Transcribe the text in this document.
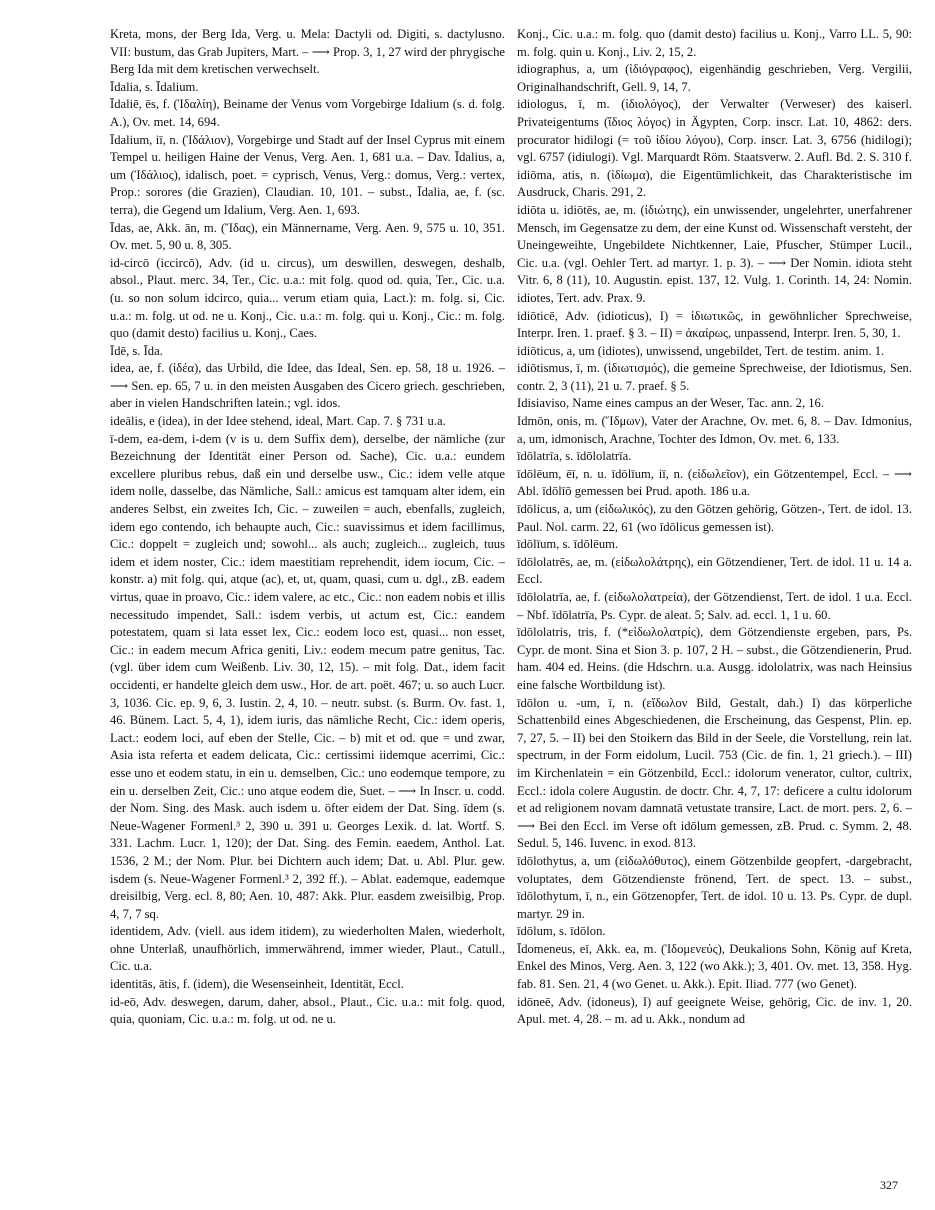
Kreta, mons, der Berg Ida, Verg. u. Mela: Dactyli od. Digiti, s. dactylusno. VII: bustum, das Grab Jupiters, Mart. – ⟶ Prop. 3, 1, 27 wird der phrygische Berg Ida mit dem kretischen verwechselt.

Īdalia, s. Īdalium.

Īdaliē, ēs, f. (Ἰδαλίη), Beiname der Venus vom Vorgebirge Idalium (s. d. folg. A.), Ov. met. 14, 694.

Īdalium, iī, n. (Ἰδάλιον), Vorgebirge und Stadt auf der Insel Cyprus mit einem Tempel u. heiligen Haine der Venus, Verg. Aen. 1, 681 u.a. – Dav. Īdalius, a, um (Ἰδάλιος), idalisch, poet. = cyprisch, Venus, Verg.: domus, Verg.: vertex, Prop.: sorores (die Grazien), Claudian. 10, 101. – subst., Īdalia, ae, f. (sc. terra), die Gegend um Idalium, Verg. Aen. 1, 693.

Īdas, ae, Akk. ān, m. (Ἴδας), ein Männername, Verg. Aen. 9, 575 u. 10, 351. Ov. met. 5, 90 u. 8, 305.

id-circō (iccircō), Adv. (id u. circus), um deswillen, deswegen, deshalb, absol., Plaut. merc. 34, Ter., Cic. u.a.: mit folg. quod od. quia, Ter., Cic. u.a. (u. so non solum idcirco, quia... verum etiam quia, Lact.): m. folg. si, Cic. u.a.: m. folg. ut od. ne u. Konj., Cic. u.a.: m. folg. qui u. Konj., Cic.: m. folg. quo (damit desto) facilius u. Konj., Caes.

Īdē, s. Īda.

idea, ae, f. (ἰδέα), das Urbild, die Idee, das Ideal, Sen. ep. 58, 18 u. 1926. – ⟶ Sen. ep. 65, 7 u. in den meisten Ausgaben des Cicero griech. geschrieben, aber in vielen Handschriften latein.; vgl. idos.

ideālis, e (idea), in der Idee stehend, ideal, Mart. Cap. 7. § 731 u.a.

ī-dem, ea-dem, i-dem (v is u. dem Suffix dem), derselbe, der nämliche (zur Bezeichnung der Identität einer Person od. Sache), Cic. u.a.: eundem excellere pluribus rebus, daß ein und derselbe usw., Cic.: idem velle atque idem nolle, dasselbe, das Nämliche, Sall.: amicus est tamquam alter idem, ein anderes Selbst, ein zweites Ich, Cic. – zuweilen = auch, ebenfalls, zugleich, idem ego contendo, ich behaupte auch, Cic.: suavissimus et idem facillimus, Cic.: doppelt = zugleich und; sowohl... als auch; zugleich... zugleich, tuus idem et idem noster, Cic.: idem maestitiam reprehendit, idem iocum, Cic. – konstr. a) mit folg. qui, atque (ac), et, ut, quam, quasi, cum u. dgl., zB. eadem virtus, quae in proavo, Cic.: idem valere, ac etc., Cic.: non eadem nobis et illis necessitudo impendet, Sall.: isdem verbis, ut actum est, Cic.: eandem potestatem, quam si lata esset lex, Cic.: eodem loco est, quasi... non esset, Cic.: in eadem mecum Africa geniti, Liv.: eodem mecum patre genitus, Tac. (vgl. über idem cum Weißenb. Liv. 30, 12, 15). – mit folg. Dat., idem facit occidenti, er handelte gleich dem usw., Hor. de art. poët. 467; u. so auch Lucr. 3, 1036. Cic. ep. 9, 6, 3. Iustin. 2, 4, 10. – neutr. subst. (s. Burm. Ov. fast. 1, 46. Bünem. Lact. 5, 4, 1), idem iuris, das nämliche Recht, Cic.: idem operis, Lact.: eodem loci, auf eben der Stelle, Cic. – b) mit et od. que = und zwar, Asia ista referta et eadem delicata, Cic.: certissimi iidemque acerrimi, Cic.: esse uno et eodem statu, in ein u. demselben, Cic.: uno eodemque tempore, zu ein u. derselben Zeit, Cic.: uno atque eodem die, Suet. – ⟶ In Inscr. u. codd. der Nom. Sing. des Mask. auch isdem u. öfter eidem der Dat. Sing. īdem (s. Neue-Wagener Formenl.³ 2, 390 u. 391 u. Georges Lexik. d. lat. Wortf. S. 331. Lachm. Lucr. 1, 120); der Dat. Sing. des Femin. eaedem, Anthol. Lat. 1536, 2 M.; der Nom. Plur. bei Dichtern auch idem; Dat. u. Abl. Plur. gew. isdem (s. Neue-Wagener Formenl.³ 2, 392 ff.). – Ablat. eademque, eademque dreisilbig, Verg. ecl. 8, 80; Aen. 10, 487: Akk. Plur. easdem zweisilbig, Prop. 4, 7, 7 sq.

identidem, Adv. (viell. aus idem itidem), zu wiederholten Malen, wiederholt, ohne Unterlaß, unaufhörlich, immerwährend, immer wieder, Plaut., Catull., Cic. u.a.

identitās, ātis, f. (idem), die Wesenseinheit, Identität, Eccl.

id-eō, Adv. deswegen, darum, daher, absol., Plaut., Cic. u.a.: mit folg. quod, quia, quoniam, Cic. u.a.: m. folg. ut od. ne u.

Konj., Cic. u.a.: m. folg. quo (damit desto) facilius u. Konj., Varro LL. 5, 90: m. folg. quin u. Konj., Liv. 2, 15, 2.

idiographus, a, um (ἰδιόγραφος), eigenhändig geschrieben, Verg. Vergilii, Originalhandschrift, Gell. 9, 14, 7.

idiologus, ī, m. (ἰδιολόγος), der Verwalter (Verweser) des kaiserl. Privateigentums (ἴδιος λόγος) in Ägypten, Corp. inscr. Lat. 10, 4862: ders. procurator hidilogi (= τοῦ ἰδίου λόγου), Corp. inscr. Lat. 3, 6756 (hidilogi); vgl. 6757 (idiulogi). Vgl. Marquardt Röm. Staatsverw. 2. Aufl. Bd. 2. S. 310 f.

idiōma, atis, n. (ἰδίωμα), die Eigentümlichkeit, das Charakteristische im Ausdruck, Charis. 291, 2.

idiōta u. idiōtēs, ae, m. (ἰδιώτης), ein unwissender, ungelehrter, unerfahrener Mensch, im Gegensatze zu dem, der eine Kunst od. Wissenschaft versteht, der Uneingeweihte, Ungebildete Nichtkenner, Laie, Pfuscher, Stümper Lucil., Cic. u.a. (vgl. Oehler Tert. ad martyr. 1. p. 3). – ⟶ Der Nomin. idiota steht Vitr. 6, 8 (11), 10. Augustin. epist. 137, 12. Vulg. 1. Corinth. 14, 24: Nomin. idiotes, Tert. adv. Prax. 9.

idiōticē, Adv. (idioticus), I) = ἰδιωτικῶς, in gewöhnlicher Sprechweise, Interpr. Iren. 1. praef. § 3. – II) = ἀκαίρως, unpassend, Interpr. Iren. 5, 30, 1.

idiōticus, a, um (idiotes), unwissend, ungebildet, Tert. de testim. anim. 1.

idiōtismus, ī, m. (ἰδιωτισμός), die gemeine Sprechweise, der Idiotismus, Sen. contr. 2, 3 (11), 21 u. 7. praef. § 5.

Idisiaviso, Name eines campus an der Weser, Tac. ann. 2, 16.

Idmōn, onis, m. (Ἴδμων), Vater der Arachne, Ov. met. 6, 8. – Dav. Idmonius, a, um, idmonisch, Arachne, Tochter des Idmon, Ov. met. 6, 133.

īdōlatrīa, s. īdōlolatrīa.

īdōlēum, ēī, n. u. īdōlīum, iī, n. (εἰδωλεῖον), ein Götzentempel, Eccl. – ⟶ Abl. īdōlīō gemessen bei Prud. apoth. 186 u.a.

īdōlicus, a, um (εἰδωλικός), zu den Götzen gehörig, Götzen-, Tert. de idol. 13. Paul. Nol. carm. 22, 61 (wo īdōlicus gemessen ist).

īdōlīum, s. īdōlēum.

īdōlolatrēs, ae, m. (εἰδωλολάτρης), ein Götzendiener, Tert. de idol. 11 u. 14 a. Eccl.

īdōlolatrīa, ae, f. (εἰδωλολατρεία), der Götzendienst, Tert. de idol. 1 u.a. Eccl. – Nbf. īdōlatrīa, Ps. Cypr. de aleat. 5; Salv. ad. eccl. 1, 1 u. 60.

īdōlolatris, tris, f. (*εἰδωλολατρίς), dem Götzendienste ergeben, pars, Ps. Cypr. de mont. Sina et Sion 3. p. 107, 2 H. – subst., die Götzendienerin, Prud. ham. 404 ed. Heins. (die Hdschrn. u.a. Ausgg. idololatrix, was nach Heinsius eine falsche Wortbildung ist).

īdōlon u. -um, ī, n. (εἴδωλον Bild, Gestalt, dah.) I) das körperliche Schattenbild eines Abgeschiedenen, die Erscheinung, das Gespenst, Plin. ep. 7, 27, 5. – II) bei den Stoikern das Bild in der Seele, die Vorstellung, rein lat. spectrum, in der Form eidolum, Lucil. 753 (Cic. de fin. 1, 21 griech.). – III) im Kirchenlatein = ein Götzenbild, Eccl.: idolorum venerator, cultor, cultrix, Eccl.: idola colere Augustin. de doctr. Chr. 4, 7, 17: deficere a cultu idolorum et ad religionem novam damnatā vetustate transire, Lact. de mort. pers. 2, 6. – ⟶ Bei den Eccl. im Verse oft idōlum gemessen, zB. Prud. c. Symm. 2, 48. Sedul. 5, 146. Iuvenc. in exod. 813.

īdōlothytus, a, um (εἰδωλόθυτος), einem Götzenbilde geopfert, -dargebracht, voluptates, dem Götzendienste frönend, Tert. de spect. 13. – subst., īdōlothytum, ī, n., ein Götzenopfer, Tert. de idol. 10 u. 13. Ps. Cypr. de dupl. martyr. 29 in.

īdōlum, s. īdōlon.

Īdomeneus, eī, Akk. ea, m. (Ἰδομενεύς), Deukalions Sohn, König auf Kreta, Enkel des Minos, Verg. Aen. 3, 122 (wo Akk.); 3, 401. Ov. met. 13, 358. Hyg. fab. 81. Sen. 21, 4 (wo Genet. u. Akk.). Epit. Iliad. 777 (wo Genet).

idōneē, Adv. (idoneus), I) auf geeignete Weise, gehörig, Cic. de inv. 1, 20. Apul. met. 4, 28. – m. ad u. Akk., nondum ad

327
